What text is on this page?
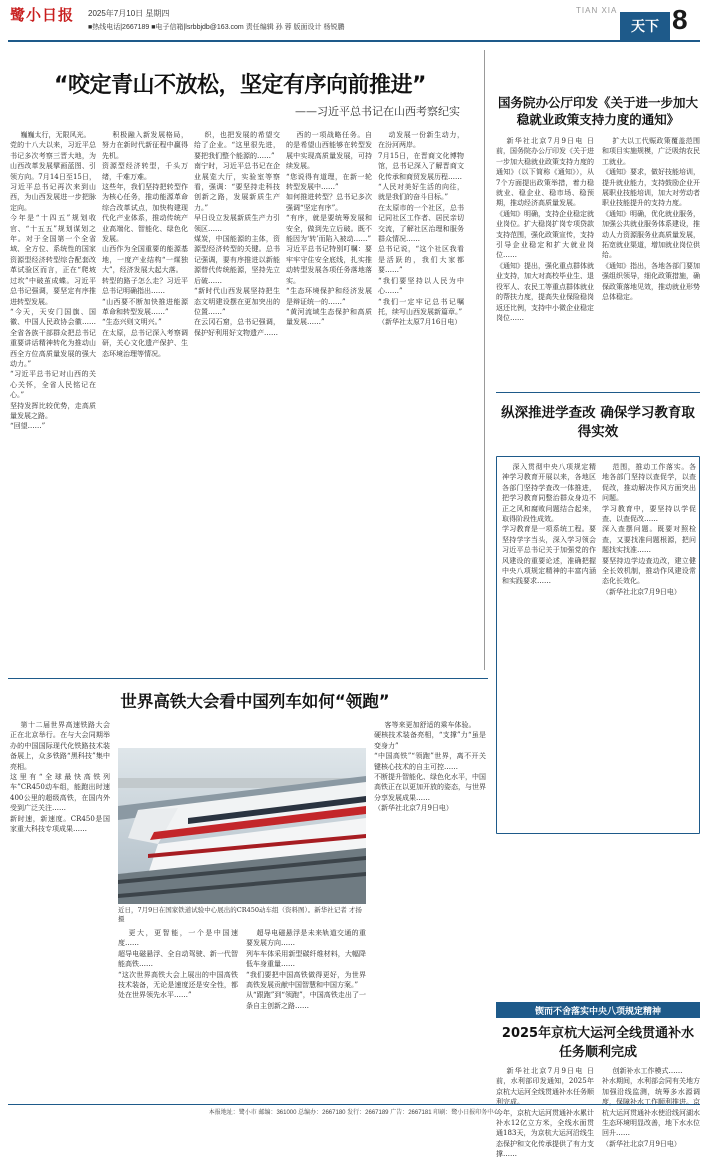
鹭小日报 2025年7月10日 星期四
■热线电话|2667189 ■电子信箱|lsrbbjdb@163.com 责任编辑 孙 蓉 版面设计 杨锐鹏
TIAN XIA
天下 8
“咬定青山不放松，坚定有序向前推进”
——习近平总书记在山西考察纪实

巍巍太行，无限风光。
党的十八大以来，习近平总书记多次考察三晋大地，为山西改革发展擘画蓝图、引领方向。7月14日至15日，习近平总书记再次来到山西，为山西发展进一步把脉定向。
今年是“十四五”规划收官、“十五五”规划谋划之年。对于全国第一个全省域、全方位、系统性的国家资源型经济转型综合配套改革试验区而言，正在“爬坡过坎”中破茧成蝶。习近平总书记强调，要坚定有序推进转型发展。
“今天，天安门国旗、国徽、中国人民政协会徽……全省各族干部群众把总书记重要讲话精神转化为推动山西全方位高质量发展的强大动力。”
“习近平总书记对山西的关心关怀，全省人民铭记在心。”
坚持发挥比较优势，走高质量发展之路。
“回望……”

积极融入新发展格局，努力在新时代新征程中赢得先机。
资源型经济转型，千头万绪，千难万难。
这些年，我们坚持把转型作为核心任务，推动能源革命综合改革试点，加快构建现代化产业体系，推动传统产业高端化、智能化、绿色化发展。
山西作为全国重要的能源基地，一度产业结构“一煤独大”，经济发展大起大落。
转型的路子怎么走？习近平总书记明确指出……
“山西要不断加快推进能源革命和转型发展……”
“生态兴则文明兴。”
在太原，总书记深入考察调研，关心文化遗产保护、生态环境治理等情况。

织，也把发展的希望交给了企业。“这里很先进，要把我们整个能源的……”
南宁时，习近平总书记在企业展览大厅，实验室等察看，强调：“要坚持走科技创新之路，发展新质生产力。”
早日设立发展新质生产力引领区……
煤炭，中国能源的主体，资源型经济转型的关键。总书记强调，要有序推进以新能源替代传统能源，坚持先立后破……
“新时代山西发展坚持把生态文明建设摆在更加突出的位置……”
在云冈石窟，总书记强调，保护好利用好文物遗产……

西的一项战略任务。自的是希望山西能够在转型发展中实现高质量发展，可持续发展。
“您说得有道理，在新一轮转型发展中……”
如何推进转型？总书记多次强调“坚定有序”。
“有序，就是要统筹发展和安全，做到先立后破。既不能因为‘转’而陷入被动……”
习近平总书记特别叮嘱：要牢牢守住安全底线，扎实推动转型发展各项任务落地落实。
“生态环境保护和经济发展是辩证统一的……”
“黄河流域生态保护和高质量发展……”

动发展一份新生动力，在汾河两岸。
7月15日，在晋商文化博物馆，总书记深入了解晋商文化传承和商贸发展历程……
“人民对美好生活的向往，就是我们的奋斗目标。”
在太原市的一个社区，总书记同社区工作者、居民亲切交流，了解社区治理和服务群众情况……
总书记说，“这个社区我看是活跃的，我们大家都要……”
“我们要坚持以人民为中心……”
“我们一定牢记总书记嘱托，续写山西发展新篇章。”
（新华社太原7月16日电）

国务院办公厅印发《关于进一步加大稳就业政策支持力度的通知》

新华社北京7月9日电 日前，国务院办公厅印发《关于进一步加大稳就业政策支持力度的通知》（以下简称《通知》），从7个方面提出政策举措，着力稳就业、稳企业、稳市场、稳预期，推动经济高质量发展。
《通知》明确，支持企业稳定就业岗位。扩大稳岗扩岗专项贷款支持范围，强化政策宣传，支持引导企业稳定和扩大就业岗位……
《通知》提出，强化重点群体就业支持，加大对高校毕业生、退役军人、农民工等重点群体就业的帮扶力度，提高失业保险稳岗返还比例，支持中小微企业稳定岗位……

扩大以工代赈政策覆盖范围和项目实施规模，广泛吸纳农民工就业。
《通知》要求，做好技能培训，提升就业能力，支持鼓励企业开展职业技能培训，加大对劳动者职业技能提升的支持力度。
《通知》明确，优化就业服务，加强公共就业服务体系建设，推动人力资源服务业高质量发展，拓宽就业渠道，增加就业岗位供给。
《通知》指出，各地各部门要加强组织领导，细化政策措施，确保政策落地见效，推动就业形势总体稳定。

纵深推进学查改 确保学习教育取得实效

深入贯彻中央八项规定精神学习教育开展以来，各地区各部门坚持学查改一体推进，把学习教育同整治群众身边不正之风和腐败问题结合起来，取得阶段性成效。
学习教育是一项系统工程。要坚持学字当头，深入学习领会习近平总书记关于加强党的作风建设的重要论述，准确把握中央八项规定精神的丰富内涵和实践要求……

范围，推动工作落实。各地各部门坚持以查促学，以查促改，推动解决作风方面突出问题。
学习教育中，要坚持以学促查、以查促改……
深入查摆问题。既要对照检查，又要找准问题根源，把问题找实找准……
要坚持边学边查边改，建立健全长效机制，推动作风建设常态化长效化。
（新华社北京7月9日电）

世界高铁大会看中国列车如何“领跑”

第十二届世界高速铁路大会正在北京举行。在与大会同期举办的中国国际现代化铁路技术装备展上，众多铁路“黑科技”集中亮相。
这里有“全球最快高铁列车”CR450动车组，能跑出时速400公里的超级高铁，在国内外受到广泛关注……
新时速，新速度。CR450是国家重大科技专项成果……

近日，7月9日在国家铁道试验中心展出的CR450动车组（资料图）。新华社记者 才扬 摄

更大，更智能，一个是中国速度……
超导电磁悬浮、全自动驾驶、新一代智能高铁……
“这次世界高铁大会上展出的中国高铁技术装备，无论是速度还是安全性，都处在世界领先水平……”

超导电磁悬浮是未来轨道交通的重要发展方向……
列车车体采用新型碳纤维材料，大幅降低车身重量……
“我们要把中国高铁做得更好，为世界高铁发展贡献中国智慧和中国方案。”
从“跟跑”到“领跑”，中国高铁走出了一条自主创新之路……

客等来更加舒适的乘车体验。
硬核技术装备亮相，“支撑”力“虽是变身力”
“中国高铁”“领跑”世界，离不开关键核心技术的自主可控……
不断提升智能化、绿色化水平，中国高铁正在以更加开放的姿态，与世界分享发展成果……
（新华社北京7月9日电）

锲而不舍落实中央八项规定精神
2025年京杭大运河全线贯通补水任务顺利完成

新华社北京7月9日电 日前，水利部印发通知，2025年京杭大运河全线贯通补水任务顺利完成。
今年，京杭大运河贯通补水累计补水12亿立方米，全线水面贯通183天，为京杭大运河沿线生态保护和文化传承提供了有力支撑……

创新补水工作模式……
补水期间，水利部会同有关地方加强沿线监测，统筹多水源调度，保障补水工作顺利推进。京杭大运河贯通补水使沿线河湖水生态环境明显改善，地下水水位回升……
（新华社北京7月9日电）

本报地址：鹭小市 邮编：361000 总编办：2667180 发行：2667189 广告：2667181 印刷：鹭小日报印务中心
